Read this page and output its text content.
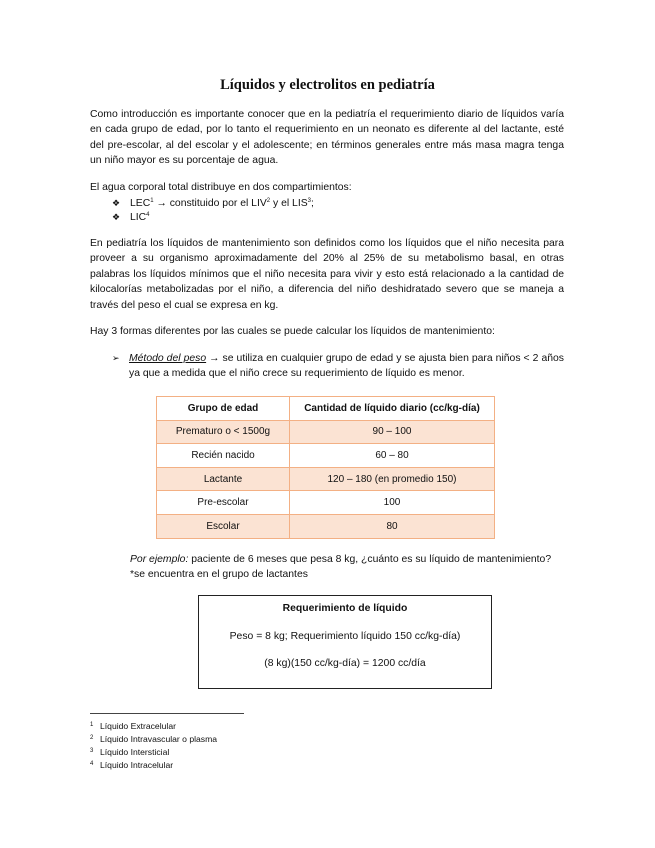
Líquidos y electrolitos en pediatría
Como introducción es importante conocer que en la pediatría el requerimiento diario de líquidos varía en cada grupo de edad, por lo tanto el requerimiento en un neonato es diferente al del lactante, esté del pre-escolar, al del escolar y el adolescente; en términos generales entre más masa magra tenga un niño mayor es su porcentaje de agua.
El agua corporal total distribuye en dos compartimientos:
❖ $LEC^1$ → constituido por el LIV$^2$ y el LIS$^3$;
❖ LIC$^4$
En pediatría los líquidos de mantenimiento son definidos como los líquidos que el niño necesita para proveer a su organismo aproximadamente del 20% al 25% de su metabolismo basal, en otras palabras los líquidos mínimos que el niño necesita para vivir y esto está relacionado a la cantidad de kilocalorías metabolizadas por el niño, a diferencia del niño deshidratado severo que se maneja a través del peso el cual se expresa en kg.
Hay 3 formas diferentes por las cuales se puede calcular los líquidos de mantenimiento:
➢ Método del peso → se utiliza en cualquier grupo de edad y se ajusta bien para niños < 2 años ya que a medida que el niño crece su requerimiento de líquido es menor.
Grupo de edad	Cantidad de líquido diario (cc/kg-día)
Prematuro o < 1500g	90 – 100
Recién nacido	60 – 80
Lactante	120 – 180 (en promedio 150)
Pre-escolar	100
Escolar	80
Por ejemplo: paciente de 6 meses que pesa 8 kg, ¿cuánto es su líquido de mantenimiento?
*se encuentra en el grupo de lactantes
Requerimiento de líquido
Peso = 8 kg; Requerimiento líquido 150 cc/kg-día)
(8 kg)(150 cc/kg-día) = 1200 cc/día
1 Líquido Extracelular
2 Líquido Intravascular o plasma
3 Líquido Intersticial
4 Líquido Intracelular
